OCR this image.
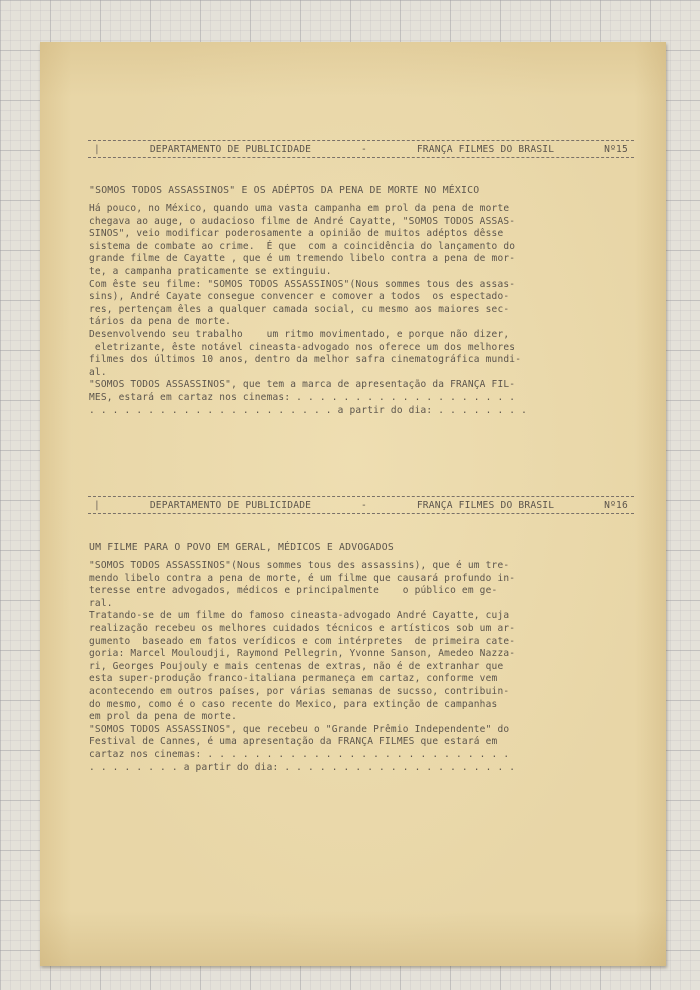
|	DEPARTAMENTO DE PUBLICIDADE	-	FRANÇA FILMES DO BRASIL	Nº15
"SOMOS TODOS ASSASSINOS" E OS ADÉPTOS DA PENA DE MORTE NO MÉXICO
Há pouco, no México, quando uma vasta campanha em prol da pena de morte
chegava ao auge, o audacioso filme de André Cayatte, "SOMOS TODOS ASSAS-
SINOS", veio modificar poderosamente a opinião de muitos adéptos dêsse
sistema de combate ao crime.  É que  com a coincidência do lançamento do
grande filme de Cayatte , que é um tremendo libelo contra a pena de mor-
te, a campanha praticamente se extinguiu.
Com êste seu filme: "SOMOS TODOS ASSASSINOS"(Nous sommes tous des assas-
sins), André Cayate consegue convencer e comover a todos  os espectado-
res, pertençam êles a qualquer camada social, cu mesmo aos maiores sec-
tários da pena de morte.
Desenvolvendo seu trabalho    um ritmo movimentado, e porque não dizer,
eletrizante, êste notável cineasta-advogado nos oferece um dos melhores
filmes dos últimos 10 anos, dentro da melhor safra cinematográfica mundi-
al.
"SOMOS TODOS ASSASSINOS", que tem a marca de apresentação da FRANÇA FIL-
MES, estará em cartaz nos cinemas: . . . . . . . . . . . . . . . . . . .
. . . . . . . . . . . . . . . . . . . . . a partir do dia: . . . . . . . .
|	DEPARTAMENTO DE PUBLICIDADE	-	FRANÇA FILMES DO BRASIL	Nº16
UM FILME PARA O POVO EM GERAL, MÉDICOS E ADVOGADOS
"SOMOS TODOS ASSASSINOS"(Nous sommes tous des assassins), que é um tre-
mendo libelo contra a pena de morte, é um filme que causará profundo in-
teresse entre advogados, médicos e principalmente    o público em ge-
ral.
Tratando-se de um filme do famoso cineasta-advogado André Cayatte, cuja
realização recebeu os melhores cuidados técnicos e artísticos sob um ar-
gumento  baseado em fatos verídicos e com intérpretes  de primeira cate-
goria: Marcel Mouloudji, Raymond Pellegrin, Yvonne Sanson, Amedeo Nazza-
ri, Georges Poujouly e mais centenas de extras, não é de extranhar que
esta super-produção franco-italiana permaneça em cartaz, conforme vem
acontecendo em outros países, por várias semanas de sucsso, contribuin-
do mesmo, como é o caso recente do Mexico, para extinção de campanhas
em prol da pena de morte.
"SOMOS TODOS ASSASSINOS", que recebeu o "Grande Prêmio Independente" do
Festival de Cannes, é uma apresentação da FRANÇA FILMES que estará em
cartaz nos cinemas: . . . . . . . . . . . . . . . . . . . . . . . . . .
. . . . . . . . a partir do dia: . . . . . . . . . . . . . . . . . . . .
